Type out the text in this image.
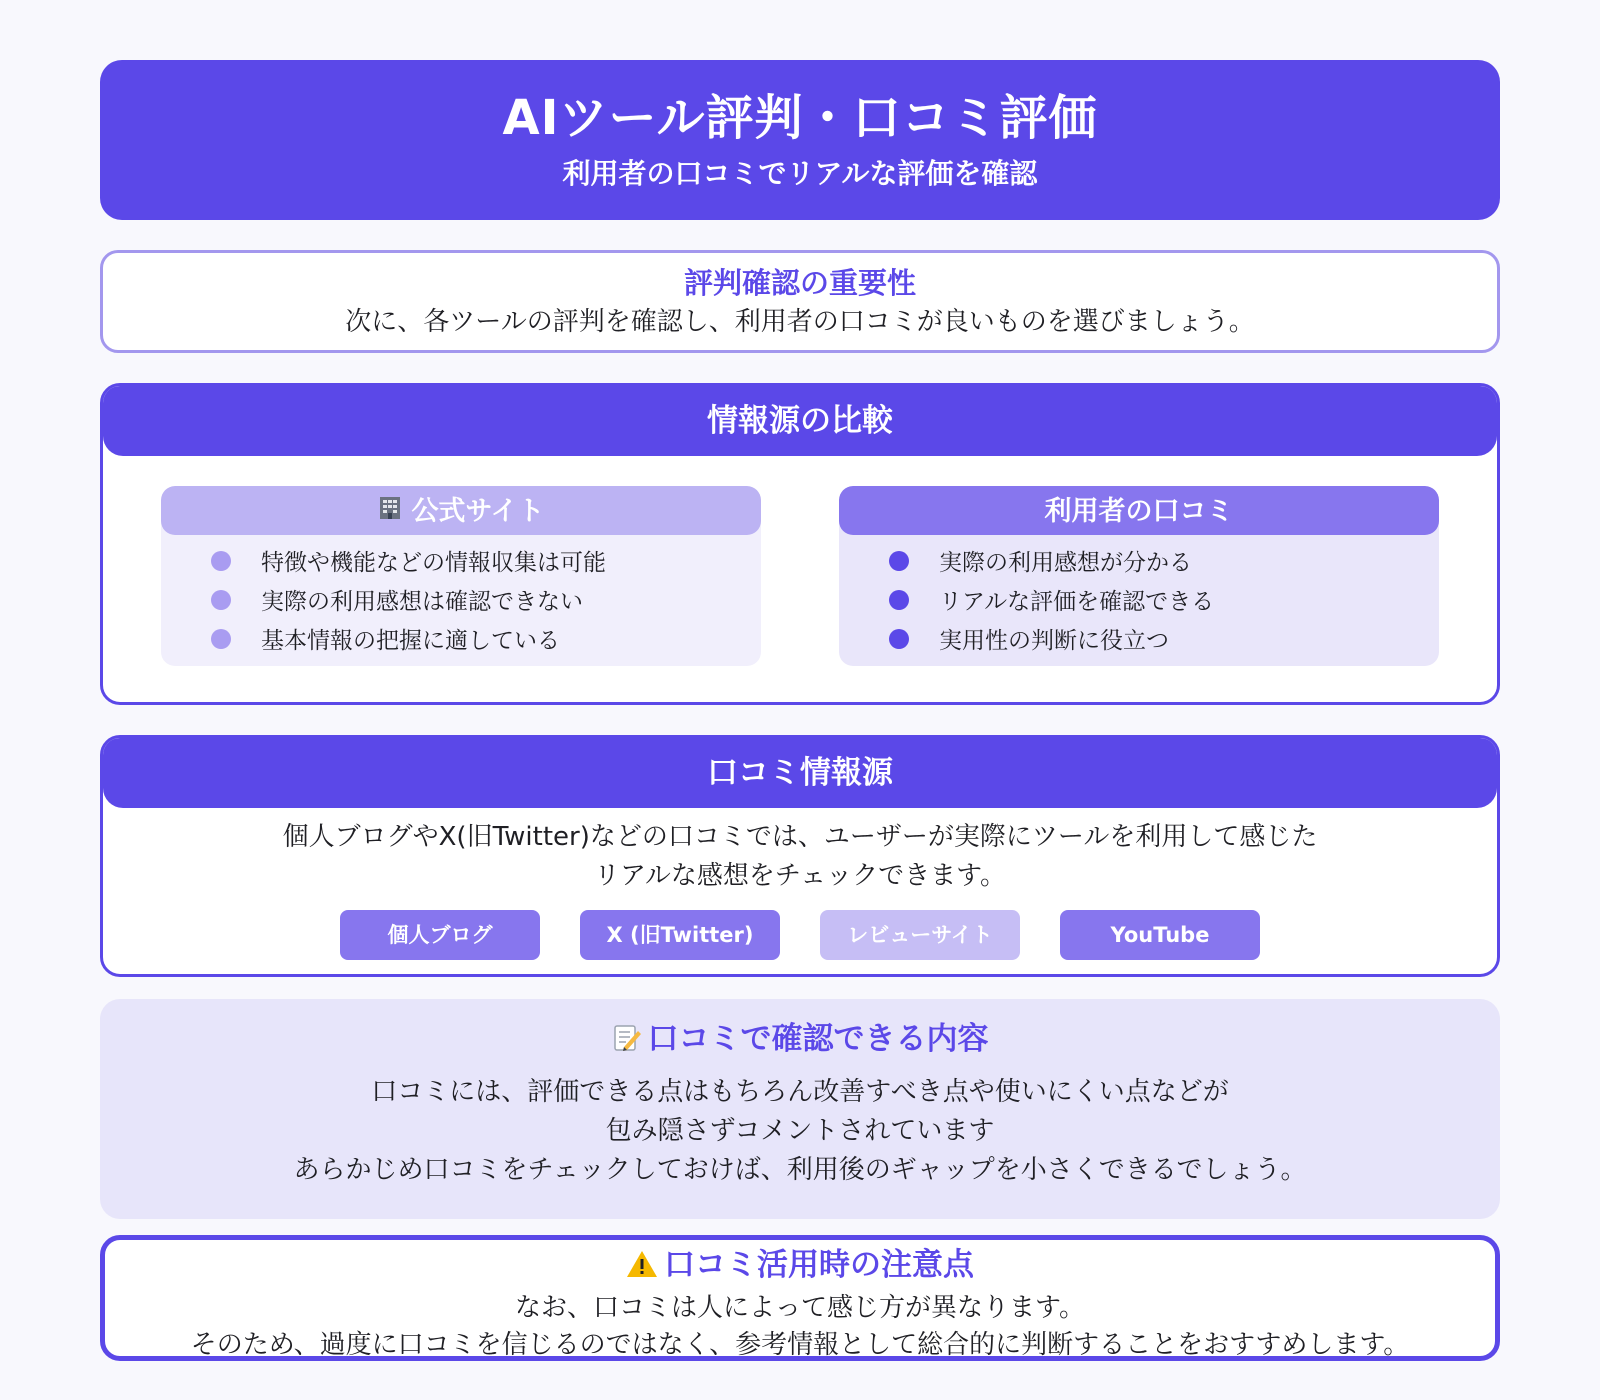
AIツール評判・口コミ評価
利用者の口コミでリアルな評価を確認
評判確認の重要性
次に、各ツールの評判を確認し、利用者の口コミが良いものを選びましょう。
情報源の比較
公式サイト
特徴や機能などの情報収集は可能
実際の利用感想は確認できない
基本情報の把握に適している
利用者の口コミ
実際の利用感想が分かる
リアルな評価を確認できる
実用性の判断に役立つ
口コミ情報源
個人ブログやX(旧Twitter)などの口コミでは、ユーザーが実際にツールを利用して感じた
リアルな感想をチェックできます。
個人ブログ	X (旧Twitter)	レビューサイト	YouTube
口コミで確認できる内容
口コミには、評価できる点はもちろん改善すべき点や使いにくい点などが
包み隠さずコメントされています
あらかじめ口コミをチェックしておけば、利用後のギャップを小さくできるでしょう。
口コミ活用時の注意点
なお、口コミは人によって感じ方が異なります。
そのため、過度に口コミを信じるのではなく、参考情報として総合的に判断することをおすすめします。
